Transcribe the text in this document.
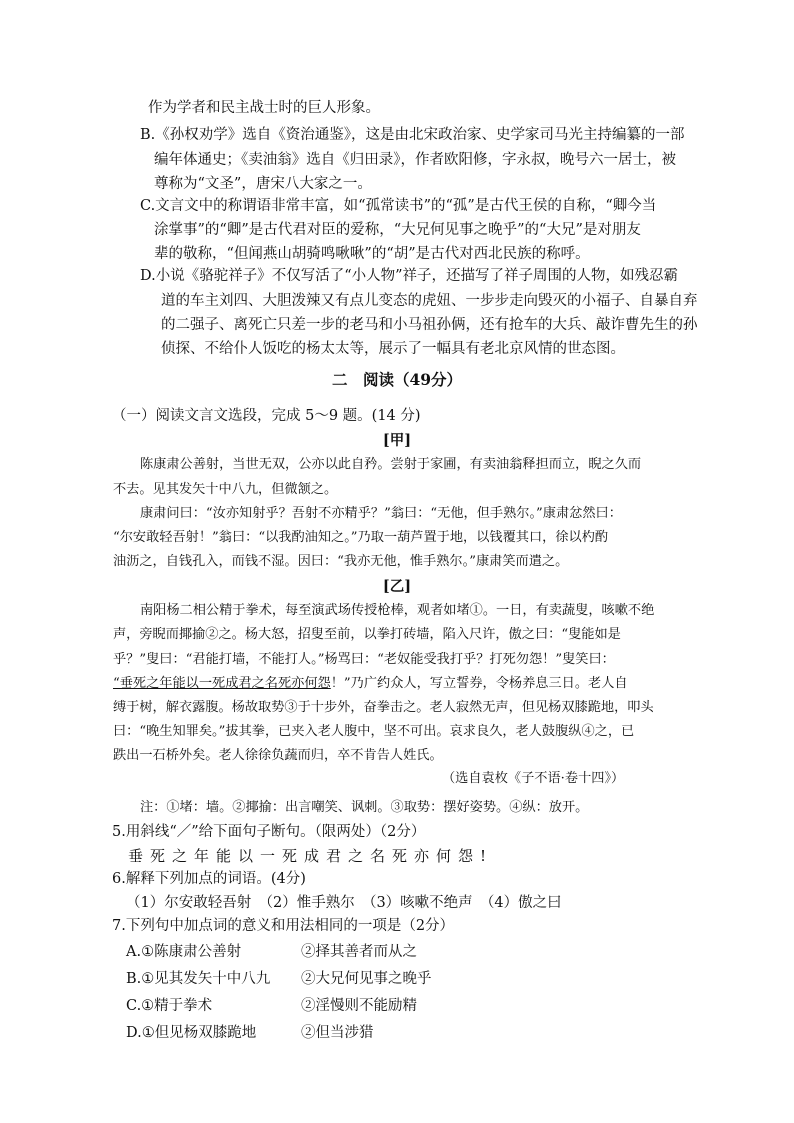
作为学者和民主战士时的巨人形象。
B.《孙权劝学》选自《资治通鉴》，这是由北宋政治家、史学家司马光主持编纂的一部
编年体通史；《卖油翁》选自《归田录》，作者欧阳修，字永叔，晚号六一居士，被
尊称为“文圣”，唐宋八大家之一。
C.文言文中的称谓语非常丰富，如“孤常读书”的“孤”是古代王侯的自称，“卿今当
涂掌事”的“卿”是古代君对臣的爱称，“大兄何见事之晚乎”的“大兄”是对朋友
辈的敬称，“但闻燕山胡骑鸣啾啾”的“胡”是古代对西北民族的称呼。
D.小说《骆驼祥子》不仅写活了“小人物”祥子，还描写了祥子周围的人物，如残忍霸
道的车主刘四、大胆泼辣又有点儿变态的虎妞、一步步走向毁灭的小福子、自暴自弃
的二强子、离死亡只差一步的老马和小马祖孙俩，还有抢车的大兵、敲诈曹先生的孙
侦探、不给仆人饭吃的杨太太等，展示了一幅具有老北京风情的世态图。
二　阅读（49分）
（一）阅读文言文选段，完成 5～9 题。(14 分)
[甲]
陈康肃公善射，当世无双，公亦以此自矜。尝射于家圃，有卖油翁释担而立，睨之久而
不去。见其发矢十中八九，但微颔之。
康肃问曰：“汝亦知射乎？吾射不亦精乎？”翁曰：“无他，但手熟尔。”康肃忿然曰：
“尔安敢轻吾射！”翁曰：“以我酌油知之。”乃取一葫芦置于地，以钱覆其口，徐以杓酌
油沥之，自钱孔入，而钱不湿。因曰：“我亦无他，惟手熟尔。”康肃笑而遣之。
[乙]
南阳杨二相公精于拳术，每至演武场传授枪棒，观者如堵①。一日，有卖蔬叟，咳嗽不绝
声，旁睨而揶揄②之。杨大怒，招叟至前，以拳打砖墙，陷入尺许，傲之曰：“叟能如是
乎？”叟曰：“君能打墙，不能打人。”杨骂曰：“老奴能受我打乎？打死勿怨！”叟笑曰：
“垂死之年能以一死成君之名死亦何怨！”乃广约众人，写立誓券，令杨养息三日。老人自
缚于树，解衣露腹。杨故取势③于十步外，奋拳击之。老人寂然无声，但见杨双膝跪地，叩头
曰：“晚生知罪矣。”拔其拳，已夹入老人腹中，坚不可出。哀求良久，老人鼓腹纵④之，已
跌出一石桥外矣。老人徐徐负蔬而归，卒不肯告人姓氏。
（选自袁枚《子不语·卷十四》）
注：①堵：墙。②揶揄：出言嘲笑、讽刺。③取势：摆好姿势。④纵：放开。
5.用斜线“／”给下面句子断句。（限两处）（2分）
垂死之年能以一死成君之名死亦何怨!
6.解释下列加点的词语。(4分)
（1）尔安敢轻吾射　（2）惟手熟尔　（3）咳嗽不绝声　（4）傲之曰
7.下列句中加点词的意义和用法相同的一项是（2分）
A.①陈康肃公善射	②择其善者而从之
B.①见其发矢十中八九 ②大兄何见事之晚乎
C.①精于拳术	②淫慢则不能励精
D.①但见杨双膝跪地	②但当涉猎
